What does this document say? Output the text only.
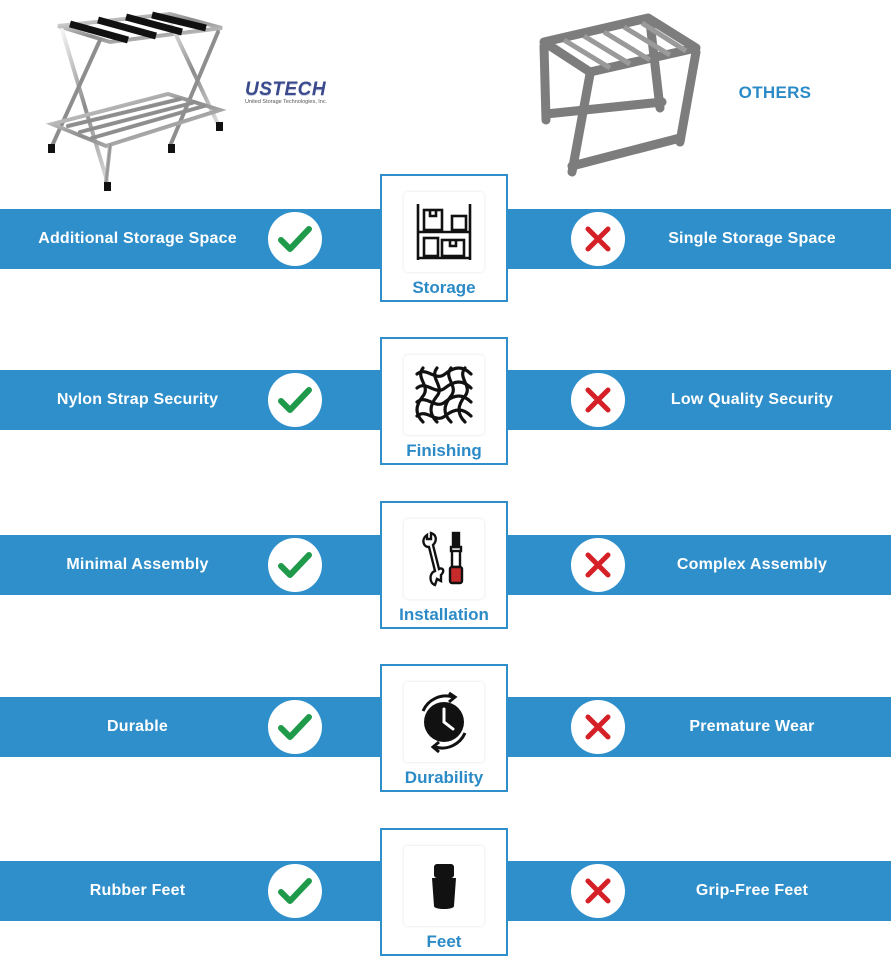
USTECH
United Storage Technologies, Inc.	OTHERS
Additional Storage Space	Single Storage Space
Storage
Nylon Strap Security	Low Quality Security
Finishing
Minimal Assembly	Complex Assembly
Installation
Durable	Premature Wear
Durability
Rubber Feet	Grip-Free Feet
Feet
